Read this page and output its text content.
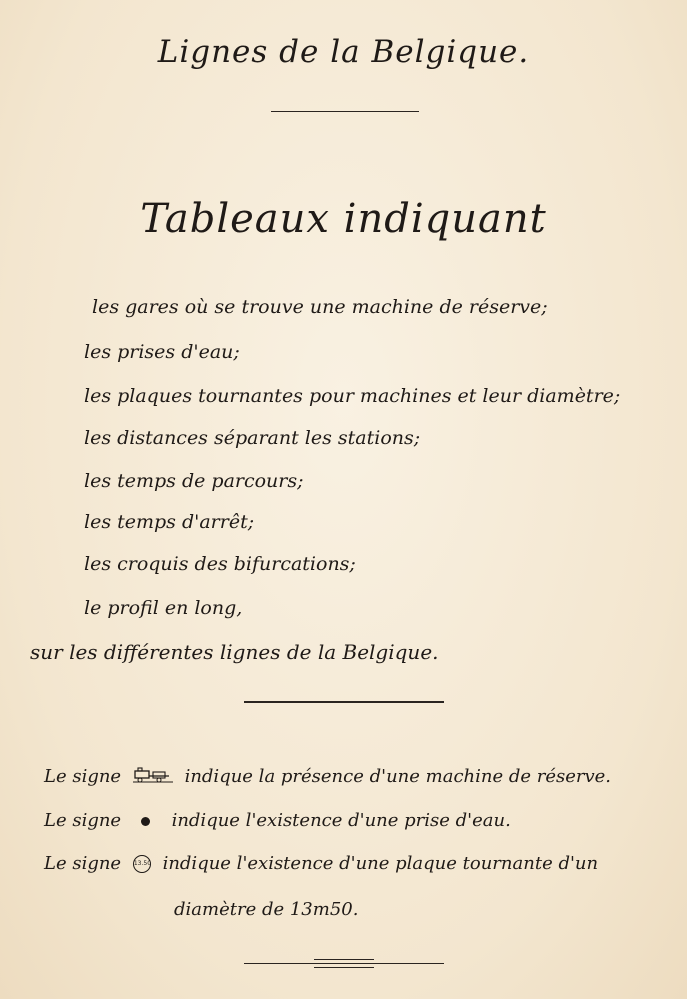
Lignes de la Belgique.
Tableaux indiquant
les gares où se trouve une machine de réserve;
les prises d'eau;
les plaques tournantes pour machines et leur diamètre;
les distances séparant les stations;
les temps de parcours;
les temps d'arrêt;
les croquis des bifurcations;
le profil en long,
sur les différentes lignes de la Belgique.
Le signe	indique la présence d'une machine de réserve.
Le signe	indique l'existence d'une prise d'eau.
Le signe 13.50 indique l'existence d'une plaque tournante d'un
diamètre de 13m50.
